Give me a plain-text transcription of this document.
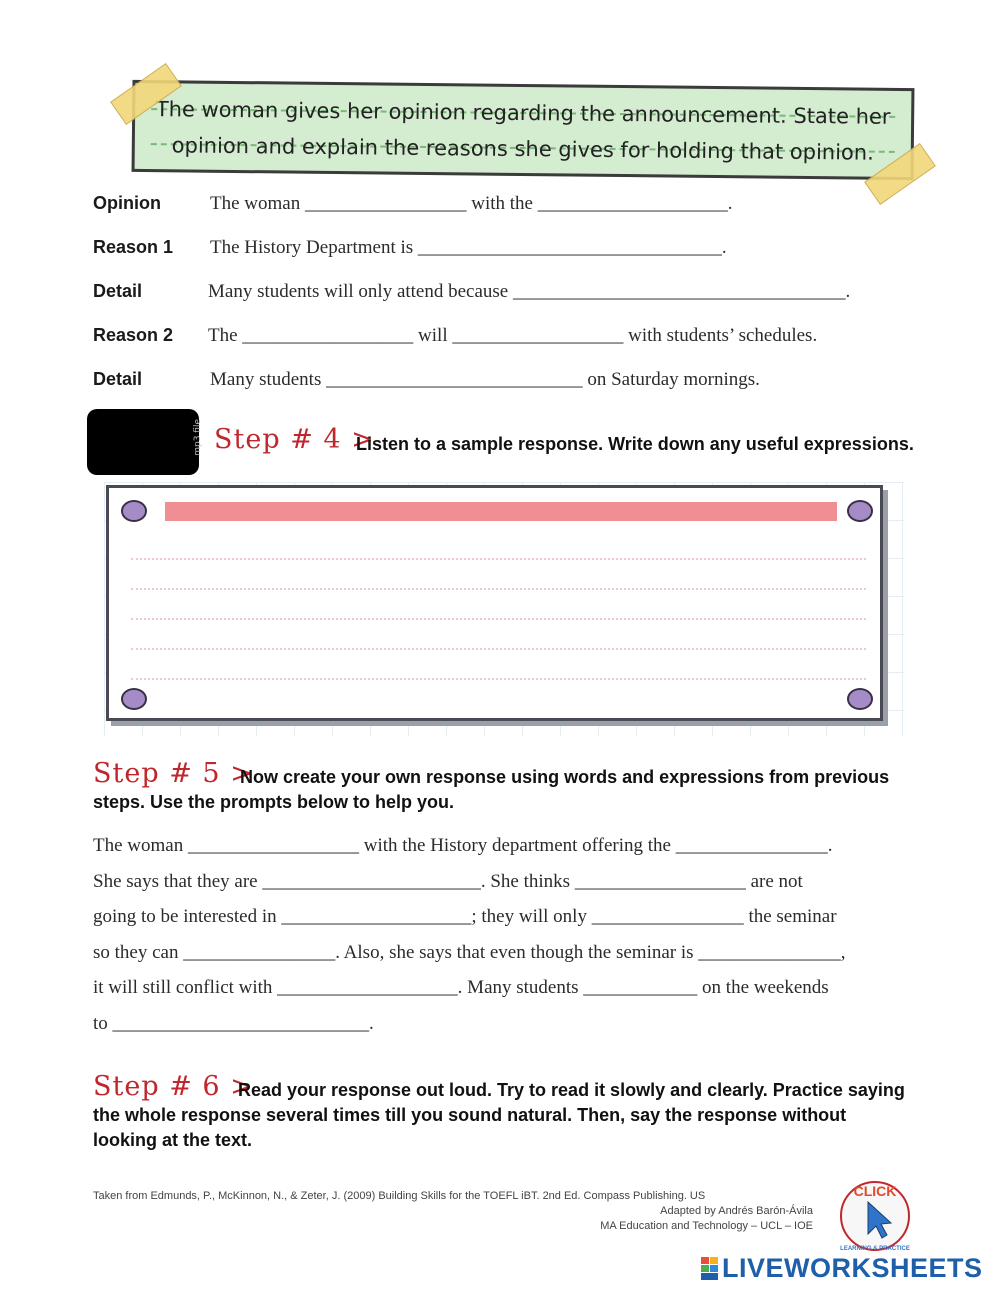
The woman gives her opinion regarding the announcement. State her
opinion and explain the reasons she gives for holding that opinion.
Opinion	The woman _________________ with the ____________________.
Reason 1 The History Department is ________________________________.
Detail	Many students will only attend because ___________________________________.
Reason 2 The __________________ will __________________ with students’ schedules.
Detail	Many students ___________________________ on Saturday mornings.
mp3 file Step # 4 >
Listen to a sample response. Write down any useful expressions.
Step # 5 >
Now create your own response using words and expressions from previous
steps. Use the prompts below to help you.
The woman __________________ with the History department offering the ________________.
She says that they are _______________________. She thinks __________________ are not
going to be interested in ____________________; they will only ________________ the seminar
so they can ________________. Also, she says that even though the seminar is _______________,
it will still conflict with ___________________. Many students ____________ on the weekends
to ___________________________.
Step # 6 >
Read your response out loud. Try to read it slowly and clearly. Practice saying
the whole response several times till you sound natural. Then, say the response without
looking at the text.
Taken from Edmunds, P., McKinnon, N., & Zeter, J. (2009) Building Skills for the TOEFL iBT. 2nd Ed. Compass Publishing. US
Adapted by Andrés Barón-Ávila
MA Education and Technology – UCL – IOE
CLICK
LEARNING & PRACTICE
LIVEWORKSHEETS
